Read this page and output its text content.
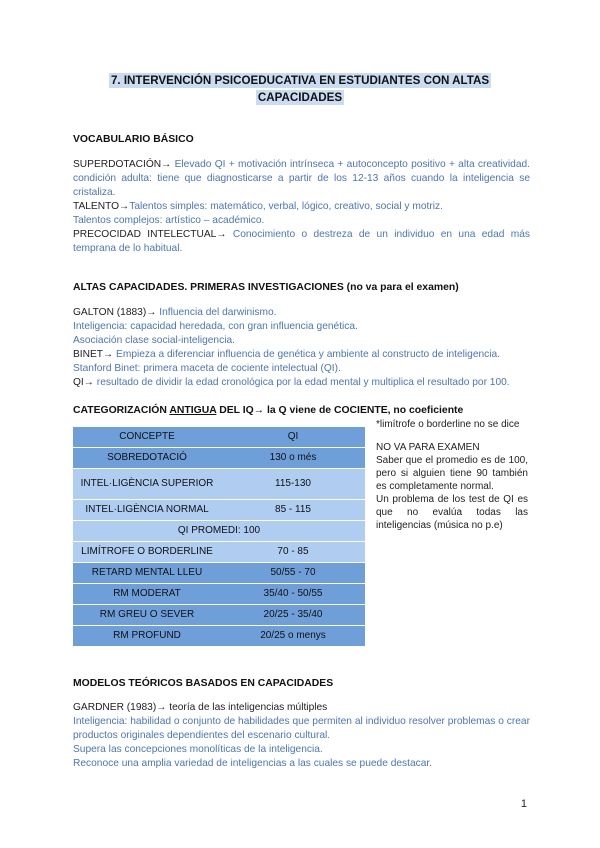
7. INTERVENCIÓN PSICOEDUCATIVA EN ESTUDIANTES CON ALTAS
CAPACIDADES
VOCABULARIO BÁSICO

SUPERDOTACIÓN→ Elevado QI + motivación intrínseca + autoconcepto positivo + alta creatividad. condición adulta: tiene que diagnosticarse a partir de los 12-13 años cuando la inteligencia se cristaliza.

TALENTO→Talentos simples: matemático, verbal, lógico, creativo, social y motriz.

Talentos complejos: artístico – académico.

PRECOCIDAD INTELECTUAL→ Conocimiento o destreza de un individuo en una edad más temprana de lo habitual.

ALTAS CAPACIDADES. PRIMERAS INVESTIGACIONES (no va para el examen)

GALTON (1883)→ Influencia del darwinismo.

Inteligencia: capacidad heredada, con gran influencia genética.

Asociación clase social-inteligencia.

BINET→ Empieza a diferenciar influencia de genética y ambiente al constructo de inteligencia.

Stanford Binet: primera maceta de cociente intelectual (QI).

QI→ resultado de dividir la edad cronológica por la edad mental y multiplica el resultado por 100.

CATEGORIZACIÓN ANTIGUA DEL IQ→ la Q viene de COCIENTE, no coeficiente
CONCEPTE	QI
SOBREDOTACIÓ	130 o més
INTEL·LIGÈNCIA SUPERIOR	115-130
INTEL·LIGÈNCIA NORMAL	85 - 115
QI PROMEDI: 100	
LIMÍTROFE O BORDERLINE	70 - 85
RETARD MENTAL LLEU	50/55 - 70
RM MODERAT	35/40 - 50/55
RM GREU O SEVER	20/25 - 35/40
RM PROFUND	20/25 o menys

*limítrofe o borderline no se dice

NO VA PARA EXAMEN

Saber que el promedio es de 100, pero si alguien tiene 90 también es completamente normal.

Un problema de los test de QI es que no evalúa todas las inteligencias (música no p.e)

MODELOS TEÓRICOS BASADOS EN CAPACIDADES

GARDNER (1983)→ teoría de las inteligencias múltiples

Inteligencia: habilidad o conjunto de habilidades que permiten al individuo resolver problemas o crear productos originales dependientes del escenario cultural.

Supera las concepciones monolíticas de la inteligencia.

Reconoce una amplia variedad de inteligencias a las cuales se puede destacar.

1
